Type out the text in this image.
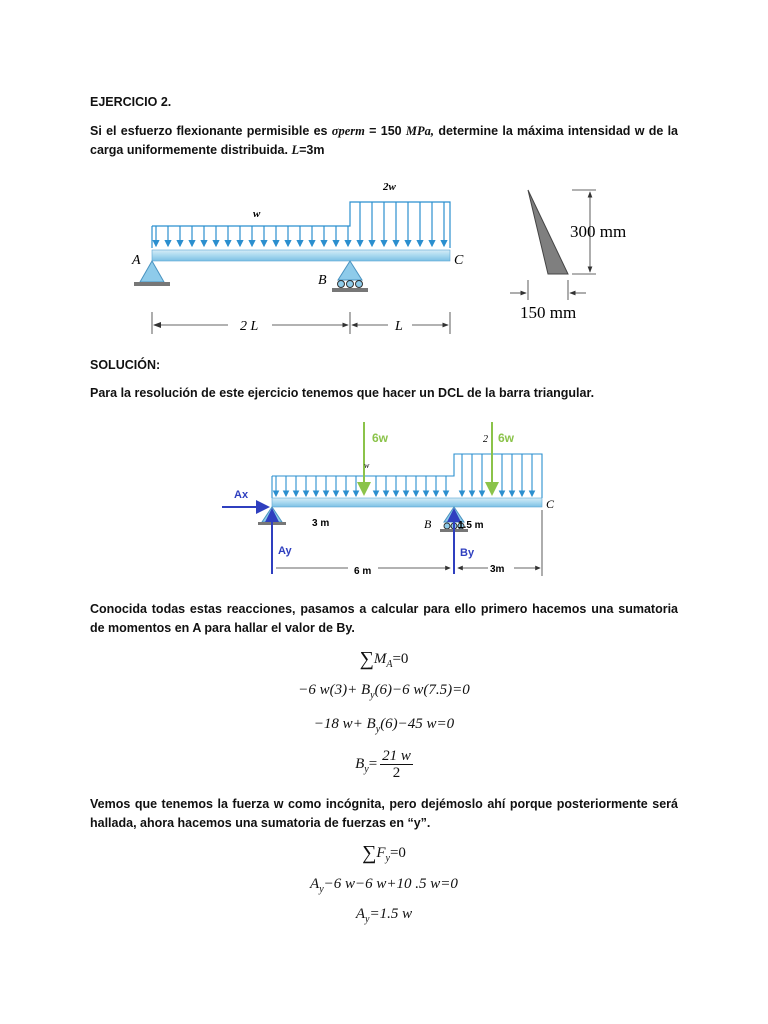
EJERCICIO 2.
Si el esfuerzo flexionante permisible es σperm = 150 MPa, determine la máxima intensidad w de la carga uniformemente distribuida. L=3m
w
2w
A
B
C
2 L	L
300 mm
150 mm
SOLUCIÓN:
Para la resolución de este ejercicio tenemos que hacer un DCL de la barra triangular.
6w
w
2 6w
Ax
Ay
B
C
By
3 m	1.5 m
6 m	3m
Conocida todas estas reacciones, pasamos a calcular para ello primero hacemos una sumatoria de momentos en A para hallar el valor de By.
$\sum M_A=0$
−6 $w(3)+ B_y(6)-6$ w(7.5)=0
−18 $w+ B_y(6)-45$ w=0
$B_y= \frac{21 w}{2}$
Vemos que tenemos la fuerza w como incógnita, pero dejémoslo ahí porque posteriormente será hallada, ahora hacemos una sumatoria de fuerzas en “y”.
$\sum F_y=0$
$A_y-6$ w−6 w+10 .5 w=0
$A_y=1.5$ w
